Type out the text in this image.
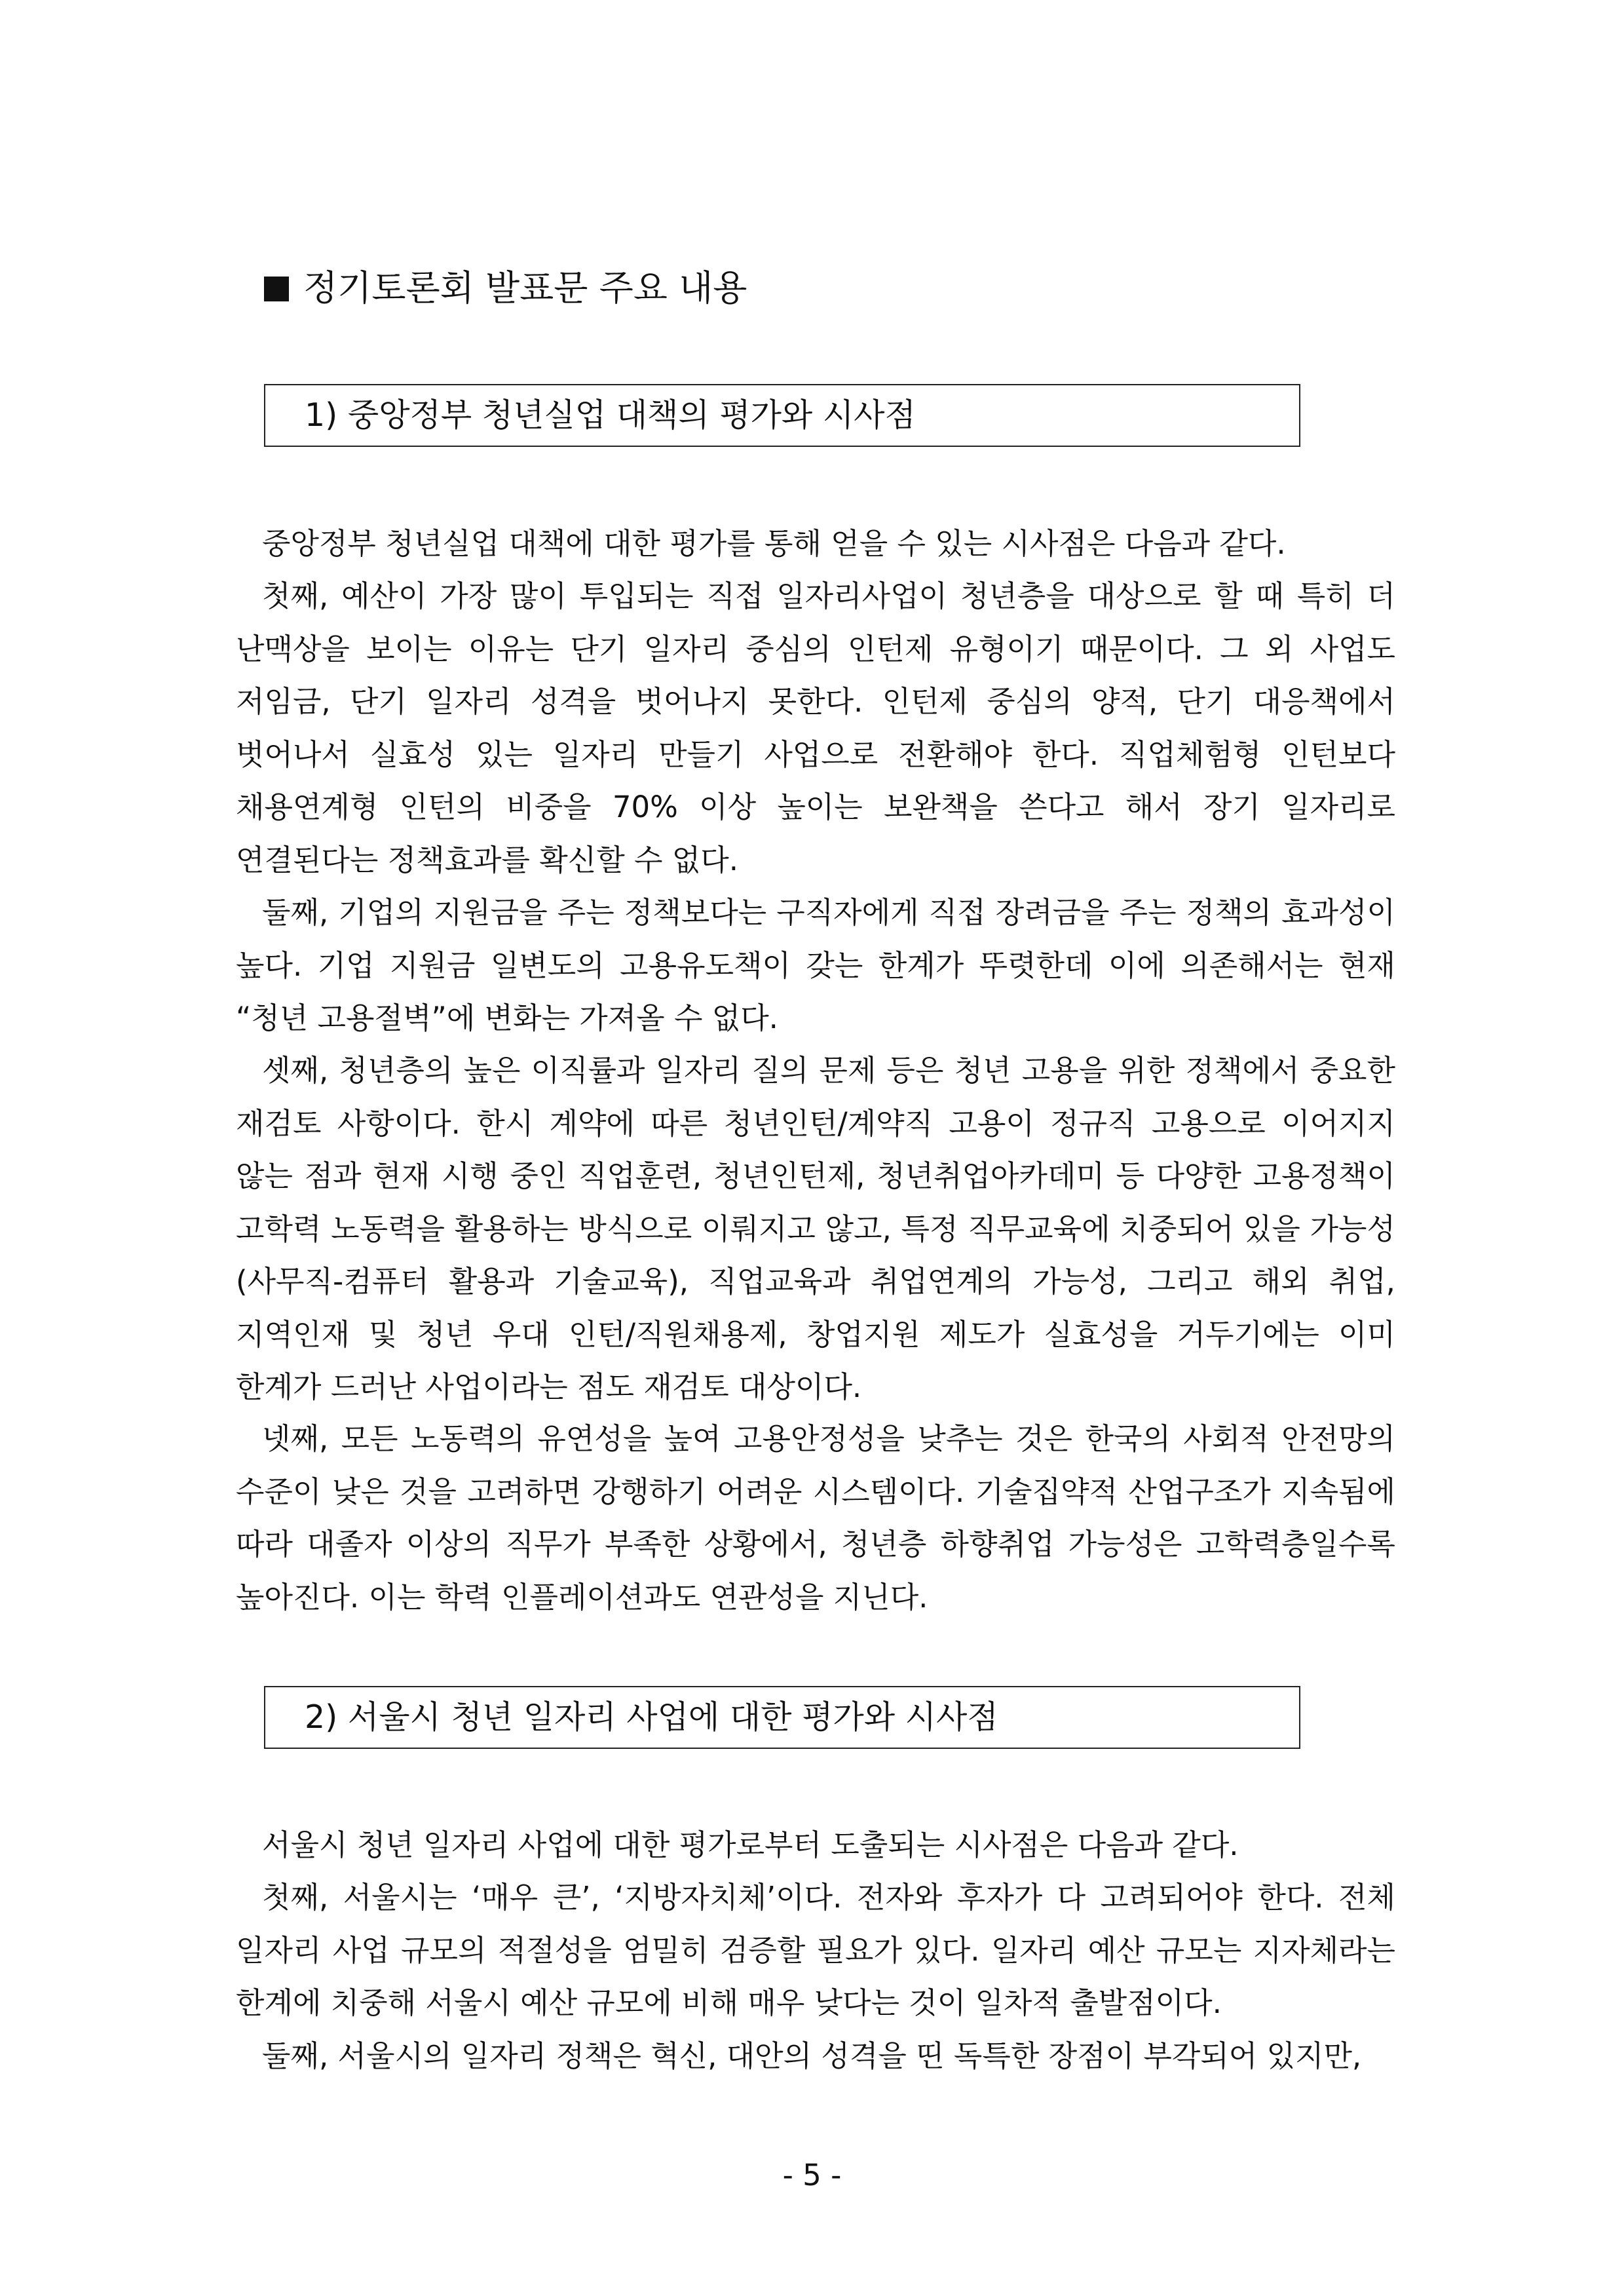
정기토론회 발표문 주요 내용
1) 중앙정부 청년실업 대책의 평가와 시사점

중앙정부 청년실업 대책에 대한 평가를 통해 얻을 수 있는 시사점은 다음과 같다.

첫째, 예산이 가장 많이 투입되는 직접 일자리사업이 청년층을 대상으로 할 때 특히 더 난맥상을 보이는 이유는 단기 일자리 중심의 인턴제 유형이기 때문이다. 그 외 사업도 저임금, 단기 일자리 성격을 벗어나지 못한다. 인턴제 중심의 양적, 단기 대응책에서 벗어나서 실효성 있는 일자리 만들기 사업으로 전환해야 한다. 직업체험형 인턴보다 채용연계형 인턴의 비중을 70% 이상 높이는 보완책을 쓴다고 해서 장기 일자리로 연결된다는 정책효과를 확신할 수 없다.

둘째, 기업의 지원금을 주는 정책보다는 구직자에게 직접 장려금을 주는 정책의 효과성이 높다. 기업 지원금 일변도의 고용유도책이 갖는 한계가 뚜렷한데 이에 의존해서는 현재 “청년 고용절벽”에 변화는 가져올 수 없다.

셋째, 청년층의 높은 이직률과 일자리 질의 문제 등은 청년 고용을 위한 정책에서 중요한 재검토 사항이다. 한시 계약에 따른 청년인턴/계약직 고용이 정규직 고용으로 이어지지 않는 점과 현재 시행 중인 직업훈련, 청년인턴제, 청년취업아카데미 등 다양한 고용정책이 고학력 노동력을 활용하는 방식으로 이뤄지고 않고, 특정 직무교육에 치중되어 있을 가능성(사무직-컴퓨터 활용과 기술교육), 직업교육과 취업연계의 가능성, 그리고 해외 취업, 지역인재 및 청년 우대 인턴/직원채용제, 창업지원 제도가 실효성을 거두기에는 이미 한계가 드러난 사업이라는 점도 재검토 대상이다.

넷째, 모든 노동력의 유연성을 높여 고용안정성을 낮추는 것은 한국의 사회적 안전망의 수준이 낮은 것을 고려하면 강행하기 어려운 시스템이다. 기술집약적 산업구조가 지속됨에 따라 대졸자 이상의 직무가 부족한 상황에서, 청년층 하향취업 가능성은 고학력층일수록 높아진다. 이는 학력 인플레이션과도 연관성을 지닌다.

2) 서울시 청년 일자리 사업에 대한 평가와 시사점

서울시 청년 일자리 사업에 대한 평가로부터 도출되는 시사점은 다음과 같다.

첫째, 서울시는 ‘매우 큰’, ‘지방자치체’이다. 전자와 후자가 다 고려되어야 한다. 전체 일자리 사업 규모의 적절성을 엄밀히 검증할 필요가 있다. 일자리 예산 규모는 지자체라는 한계에 치중해 서울시 예산 규모에 비해 매우 낮다는 것이 일차적 출발점이다.

둘째, 서울시의 일자리 정책은 혁신, 대안의 성격을 띤 독특한 장점이 부각되어 있지만,

- 5 -
